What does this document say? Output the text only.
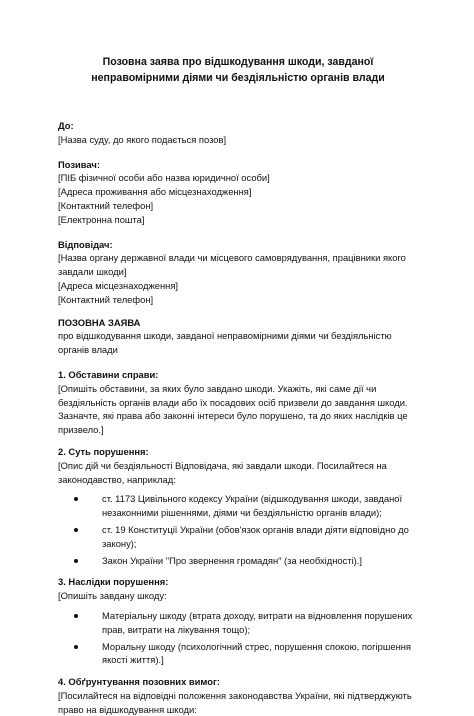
Позовна заява про відшкодування шкоди, завданої неправомірними діями чи бездіяльністю органів влади
До:
[Назва суду, до якого подається позов]
Позивач:
[ПІБ фізичної особи або назва юридичної особи]
[Адреса проживання або місцезнаходження]
[Контактний телефон]
[Електронна пошта]
Відповідач:
[Назва органу державної влади чи місцевого самоврядування, працівники якого завдали шкоди]
[Адреса місцезнаходження]
[Контактний телефон]
ПОЗОВНА ЗАЯВА
про відшкодування шкоди, завданої неправомірними діями чи бездіяльністю органів влади
1. Обставини справи:
[Опишіть обставини, за яких було завдано шкоди. Укажіть, які саме дії чи бездіяльність органів влади або їх посадових осіб призвели до завдання шкоди. Зазначте, які права або законні інтереси було порушено, та до яких наслідків це призвело.]
2. Суть порушення:
[Опис дій чи бездіяльності Відповідача, які завдали шкоди. Посилайтеся на законодавство, наприклад:
ст. 1173 Цивільного кодексу України (відшкодування шкоди, завданої незаконними рішеннями, діями чи бездіяльністю органів влади);
ст. 19 Конституції України (обов'язок органів влади діяти відповідно до закону);
Закон України "Про звернення громадян" (за необхідності).]
3. Наслідки порушення:
[Опишіть завдану шкоду:
Матеріальну шкоду (втрата доходу, витрати на відновлення порушених прав, витрати на лікування тощо);
Моральну шкоду (психологічний стрес, порушення спокою, погіршення якості життя).]
4. Обґрунтування позовних вимог:
[Посилайтеся на відповідні положення законодавства України, які підтверджують право на відшкодування шкоди:
